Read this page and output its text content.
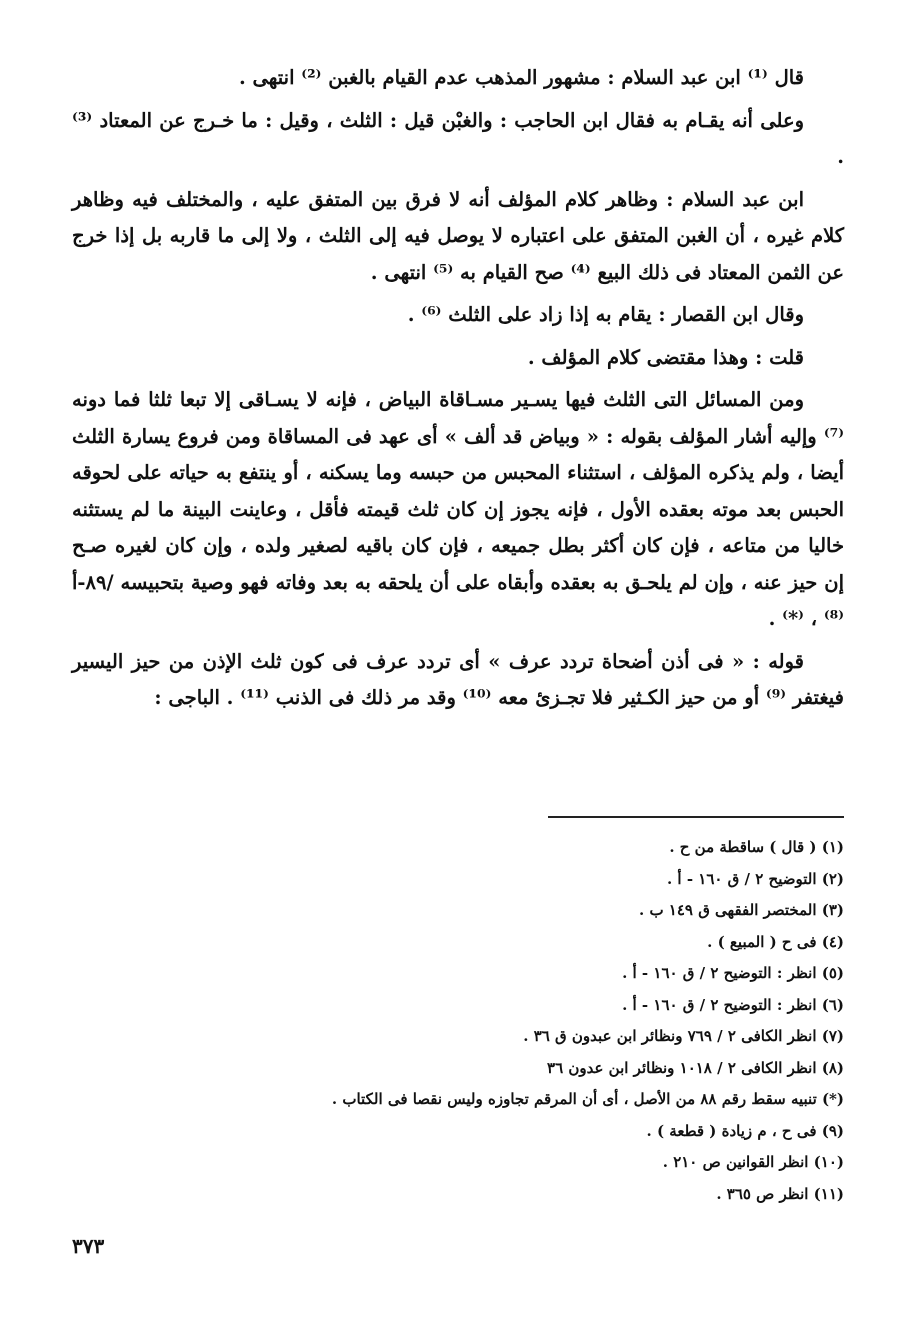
قال ⁽¹⁾ ابن عبد السلام : مشهور المذهب عدم القيام بالغبن ⁽²⁾ انتهى .

وعلى أنه يقـام به فقال ابن الحاجب : والغبْن قيل : الثلث ، وقيل : ما خـرج عن المعتاد ⁽³⁾ .

ابن عبد السلام : وظاهر كلام المؤلف أنه لا فرق بين المتفق عليه ، والمختلف فيه وظاهر كلام غيره ، أن الغبن المتفق على اعتباره لا يوصل فيه إلى الثلث ، ولا إلى ما قاربه بل إذا خرج عن الثمن المعتاد فى ذلك البيع ⁽⁴⁾ صح القيام به ⁽⁵⁾ انتهى .

وقال ابن القصار : يقام به إذا زاد على الثلث ⁽⁶⁾ .

قلت : وهذا مقتضى كلام المؤلف .

ومن المسائل التى الثلث فيها يسـير مسـاقاة البياض ، فإنه لا يسـاقى إلا تبعا ثلثا فما دونه ⁽⁷⁾ وإليه أشار المؤلف بقوله : « وبياض قد ألف » أى عهد فى المساقاة ومن فروع يسارة الثلث أيضا ، ولم يذكره المؤلف ، استثناء المحبس من حبسه وما يسكنه ، أو ينتفع به حياته على لحوقه الحبس بعد موته بعقده الأول ، فإنه يجوز إن كان ثلث قيمته فأقل ، وعاينت البينة ما لم يستثنه خاليا من متاعه ، فإن كان أكثر بطل جميعه ، فإن كان باقيه لصغير ولده ، وإن كان لغيره صـح إن حيز عنه ، وإن لم يلحـق به بعقده وأبقاه على أن يلحقه به بعد وفاته فهو وصية بتحبيسه /٨٩-أ ⁽⁸⁾ ، ⁽*⁾ .

قوله : « فى أذن أضحاة تردد عرف » أى تردد عرف فى كون ثلث الإذن من حيز اليسير فيغتفر ⁽⁹⁾ أو من حيز الكـثير فلا تجـزئ معه ⁽¹⁰⁾ وقد مر ذلك فى الذنب ⁽¹¹⁾ . الباجى :

(١) ( قال ) ساقطة من ح .
(٢) التوضيح ٢ / ق ١٦٠ - أ .
(٣) المختصر الفقهى ق ١٤٩ ب .
(٤) فى ح ( المبيع ) .
(٥) انظر : التوضيح ٢ / ق ١٦٠ - أ .
(٦) انظر : التوضيح ٢ / ق ١٦٠ - أ .
(٧) انظر الكافى ٢ / ٧٦٩ ونظائر ابن عبدون ق ٣٦ .
(٨) انظر الكافى ٢ / ١٠١٨ ونظائر ابن عدون ٣٦
(*) تنبيه سقط رقم ٨٨ من الأصل ، أى أن المرقم تجاوزه وليس نقصا فى الكتاب .
(٩) فى ح ، م زيادة ( قطعة ) .
(١٠) انظر القوانين ص ٢١٠ .
(١١) انظر ص ٣٦٥ .
٣٧٣
